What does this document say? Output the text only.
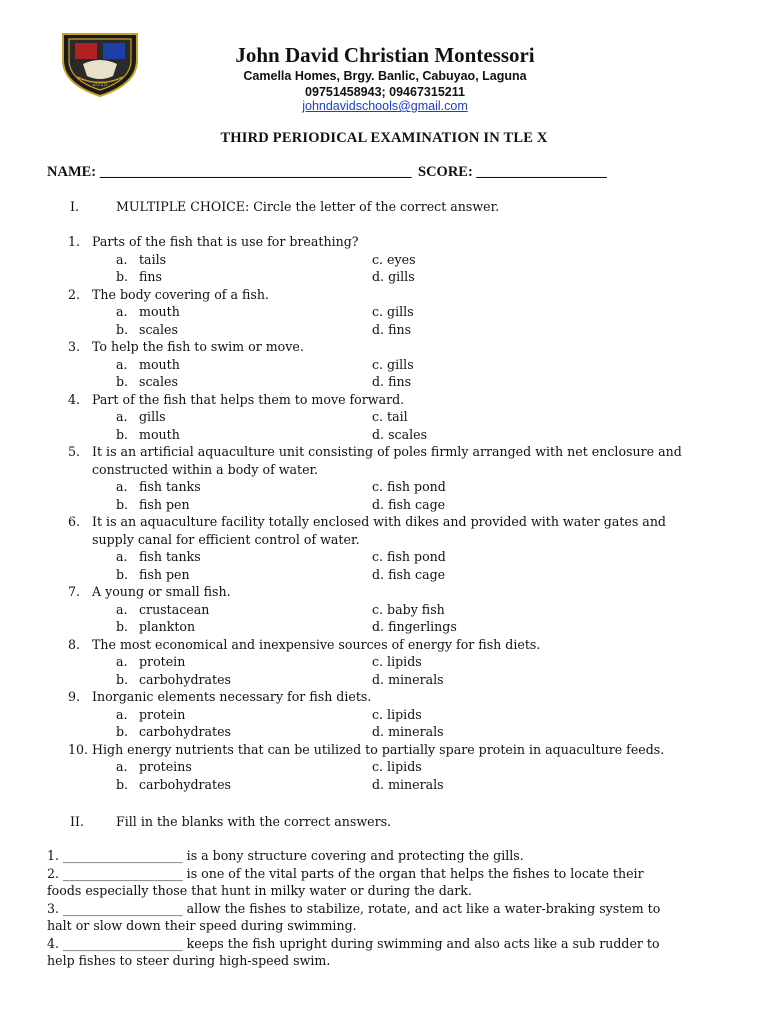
2010
John David Christian Montessori
Camella Homes, Brgy. Banlic, Cabuyao, Laguna
09751458943; 09467315211
johndavidschools@gmail.com
THIRD PERIODICAL EXAMINATION IN TLE X
NAME: ___________________________________________ SCORE: __________________
I.	MULTIPLE CHOICE: Circle the letter of the correct answer.
1. Parts of the fish that is use for breathing?
a. tails	c. eyes
b. fins	d. gills
2. The body covering of a fish.
a. mouth	c. gills
b. scales	d. fins
3. To help the fish to swim or move.
a. mouth	c. gills
b. scales	d. fins
4. Part of the fish that helps them to move forward.
a. gills	c. tail
b. mouth	d. scales
5. It is an artificial aquaculture unit consisting of poles firmly arranged with net enclosure and
constructed within a body of water.
a. fish tanks	c. fish pond
b. fish pen	d. fish cage
6. It is an aquaculture facility totally enclosed with dikes and provided with water gates and
supply canal for efficient control of water.
a. fish tanks	c. fish pond
b. fish pen	d. fish cage
7. A young or small fish.
a. crustacean	c. baby fish
b. plankton	d. fingerlings
8. The most economical and inexpensive sources of energy for fish diets.
a. protein	c. lipids
b. carbohydrates	d. minerals
9. Inorganic elements necessary for fish diets.
a. protein	c. lipids
b. carbohydrates	d. minerals
10. High energy nutrients that can be utilized to partially spare protein in aquaculture feeds.
a. proteins	c. lipids
b. carbohydrates	d. minerals
II.	Fill in the blanks with the correct answers.
1. ___________________ is a bony structure covering and protecting the gills.
2. ___________________ is one of the vital parts of the organ that helps the fishes to locate their
foods especially those that hunt in milky water or during the dark.
3. ___________________ allow the fishes to stabilize, rotate, and act like a water-braking system to
halt or slow down their speed during swimming.
4. ___________________ keeps the fish upright during swimming and also acts like a sub rudder to
help fishes to steer during high-speed swim.
